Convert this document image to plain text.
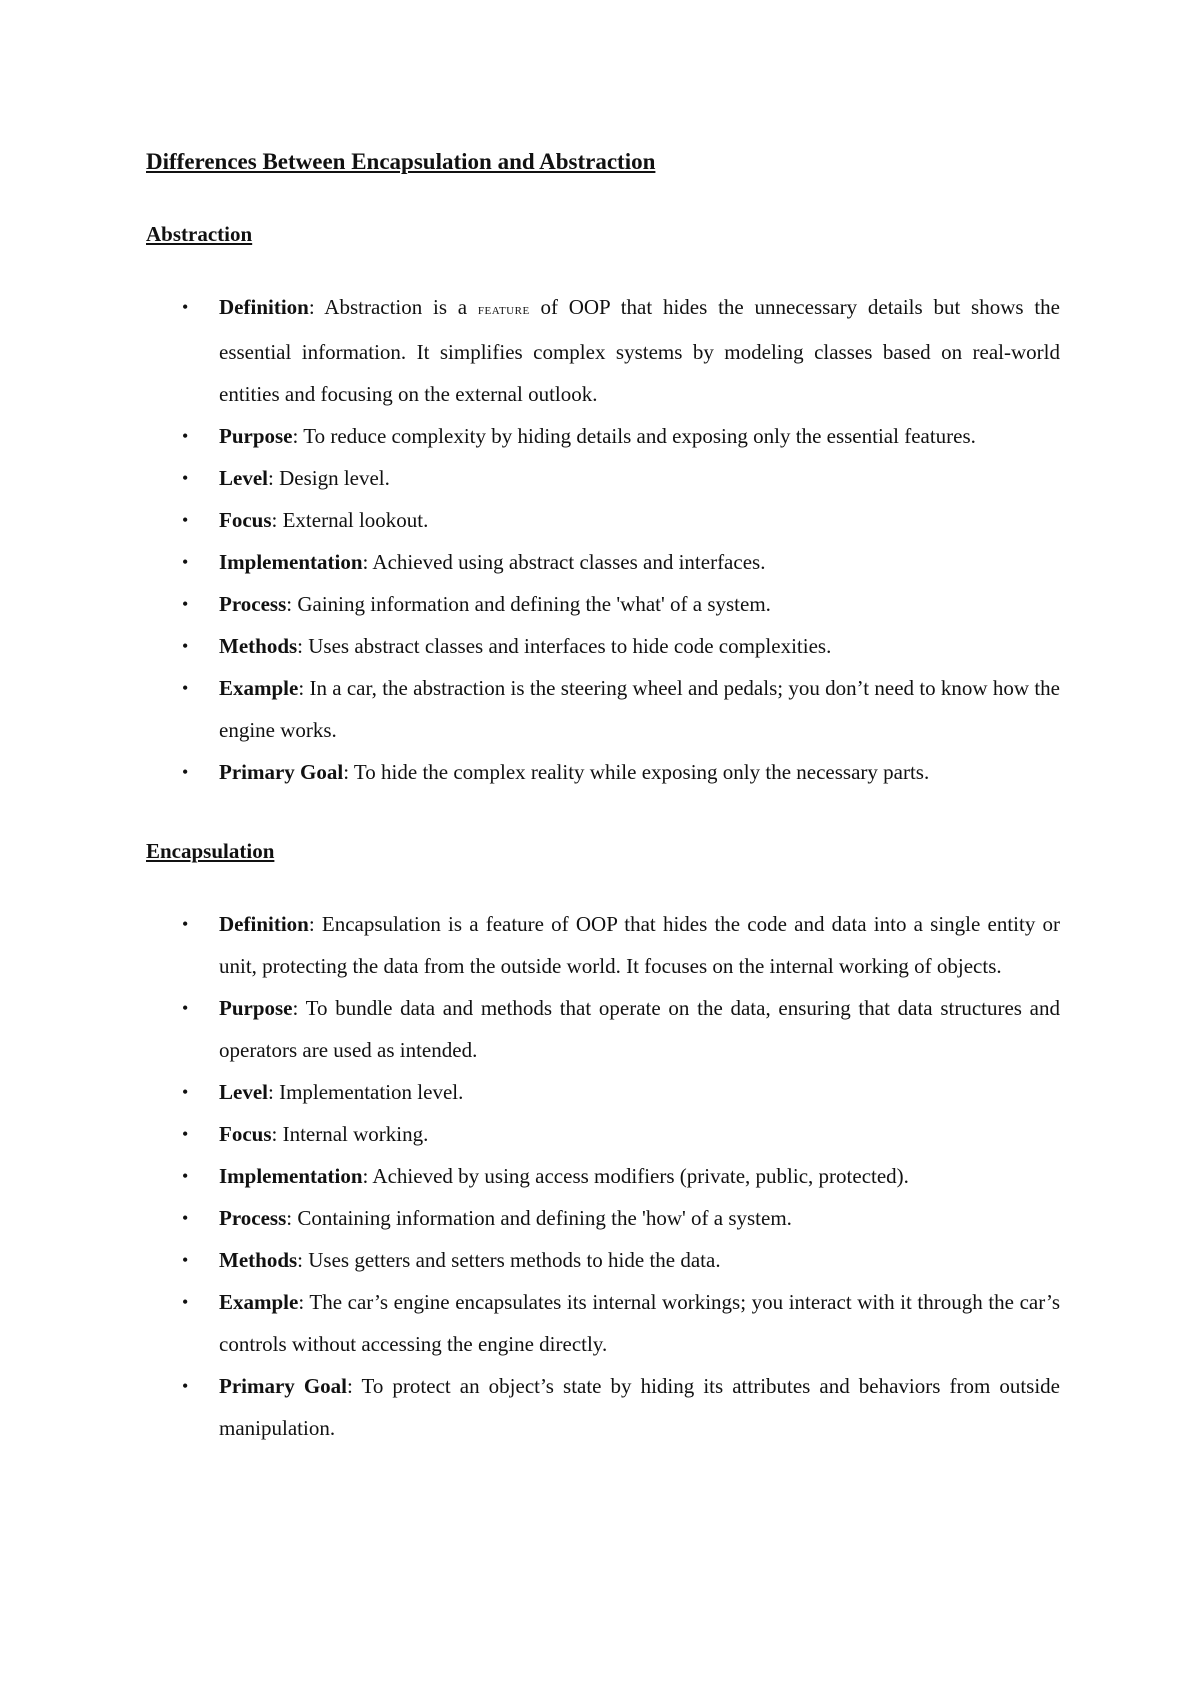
Differences Between Encapsulation and Abstraction
Abstraction
• Definition: Abstraction is a feature of OOP that hides the unnecessary details but shows the essential information. It simplifies complex systems by modeling classes based on real-world entities and focusing on the external outlook.
• Purpose: To reduce complexity by hiding details and exposing only the essential features.
• Level: Design level.
• Focus: External lookout.
• Implementation: Achieved using abstract classes and interfaces.
• Process: Gaining information and defining the 'what' of a system.
• Methods: Uses abstract classes and interfaces to hide code complexities.
• Example: In a car, the abstraction is the steering wheel and pedals; you don’t need to know how the engine works.
• Primary Goal: To hide the complex reality while exposing only the necessary parts.
Encapsulation
• Definition: Encapsulation is a feature of OOP that hides the code and data into a single entity or unit, protecting the data from the outside world. It focuses on the internal working of objects.
• Purpose: To bundle data and methods that operate on the data, ensuring that data structures and operators are used as intended.
• Level: Implementation level.
• Focus: Internal working.
• Implementation: Achieved by using access modifiers (private, public, protected).
• Process: Containing information and defining the 'how' of a system.
• Methods: Uses getters and setters methods to hide the data.
• Example: The car’s engine encapsulates its internal workings; you interact with it through the car’s controls without accessing the engine directly.
• Primary Goal: To protect an object’s state by hiding its attributes and behaviors from outside manipulation.
